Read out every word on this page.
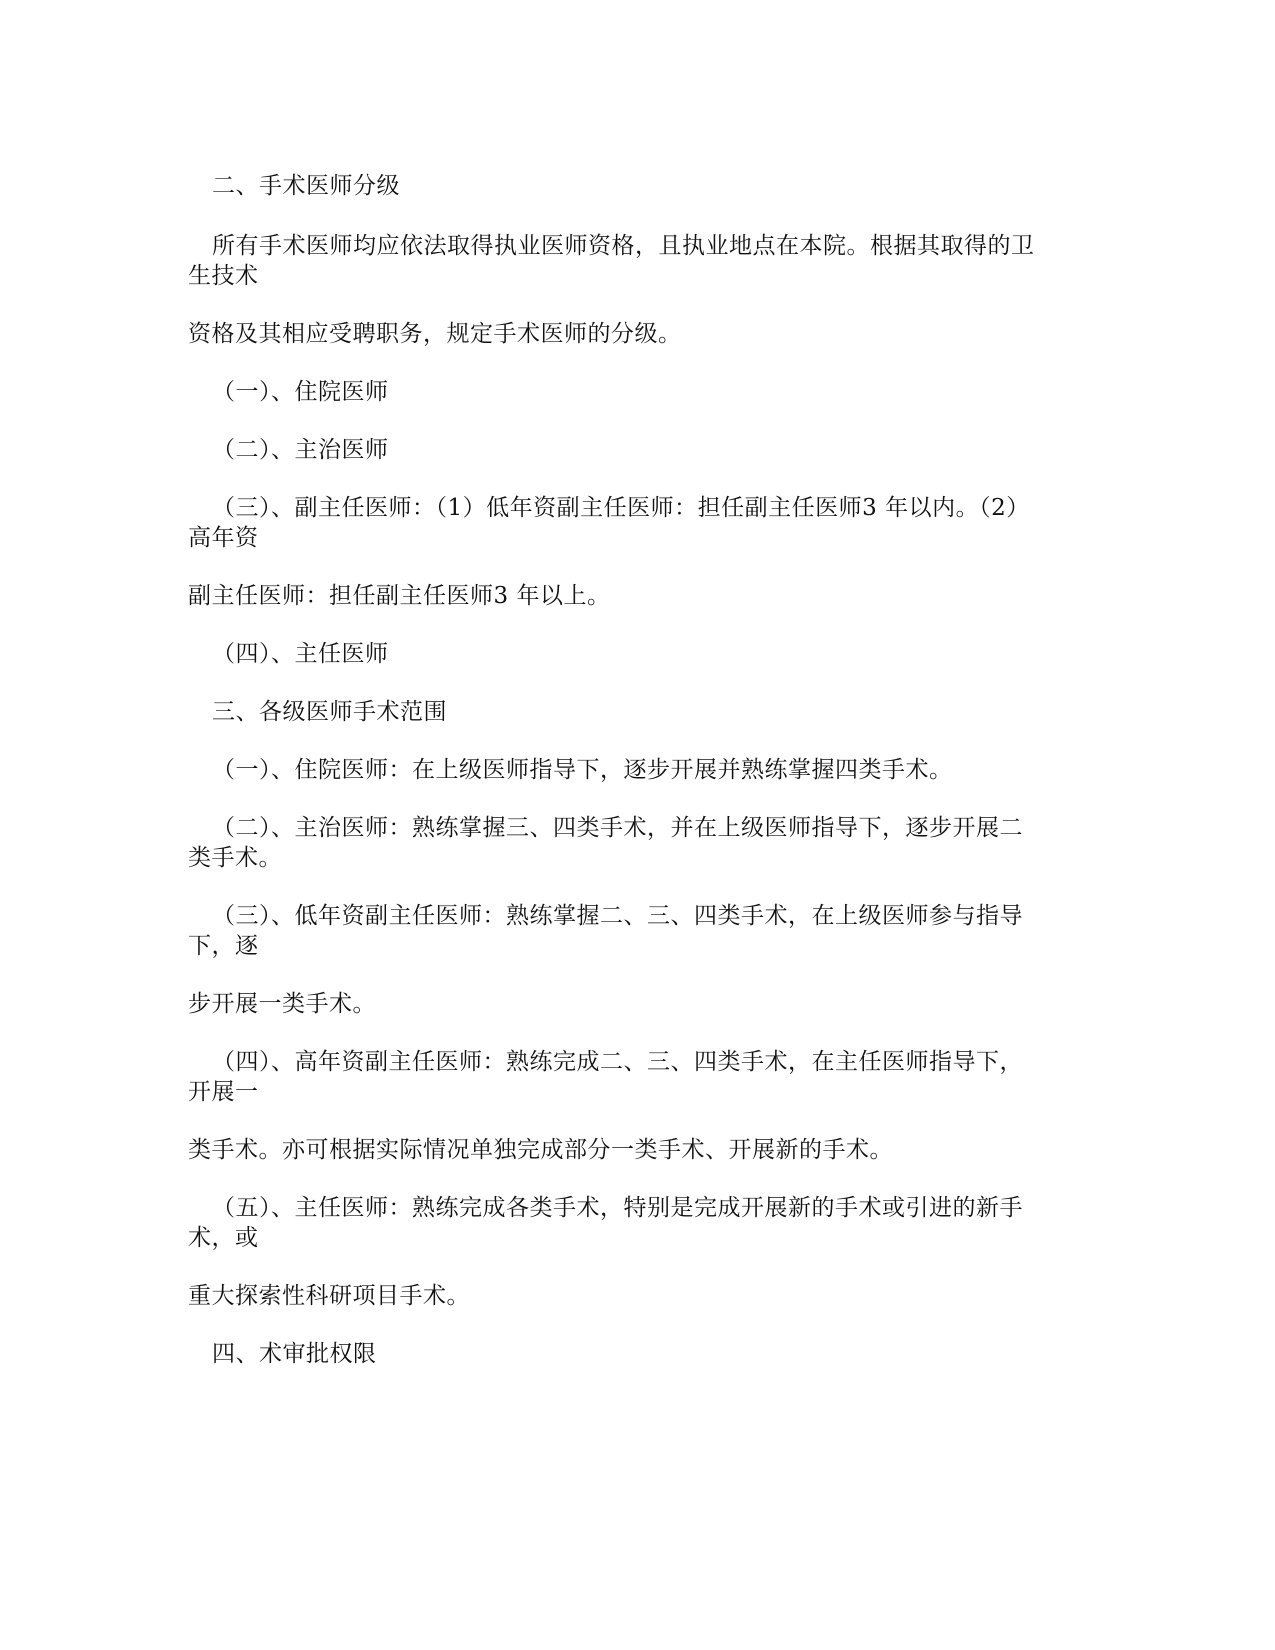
二、手术医师分级
所有手术医师均应依法取得执业医师资格，且执业地点在本院。根据其取得的卫
生技术
资格及其相应受聘职务，规定手术医师的分级。
（一）、住院医师
（二）、主治医师
（三）、副主任医师：（1）低年资副主任医师：担任副主任医师3 年以内。（2）
高年资
副主任医师：担任副主任医师3 年以上。
（四）、主任医师
三、各级医师手术范围
（一）、住院医师：在上级医师指导下，逐步开展并熟练掌握四类手术。
（二）、主治医师：熟练掌握三、四类手术，并在上级医师指导下，逐步开展二
类手术。
（三）、低年资副主任医师：熟练掌握二、三、四类手术，在上级医师参与指导
下，逐
步开展一类手术。
（四）、高年资副主任医师：熟练完成二、三、四类手术，在主任医师指导下，
开展一
类手术。亦可根据实际情况单独完成部分一类手术、开展新的手术。
（五）、主任医师：熟练完成各类手术，特别是完成开展新的手术或引进的新手
术，或
重大探索性科研项目手术。
四、术审批权限
